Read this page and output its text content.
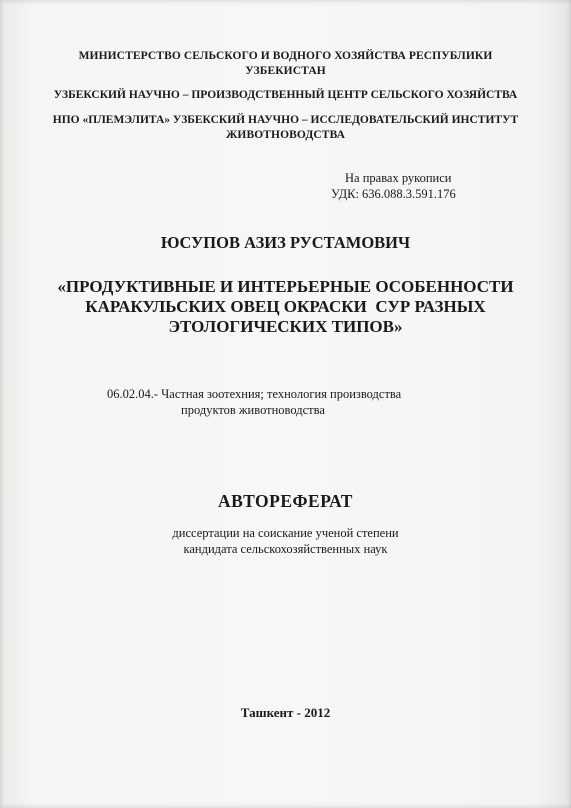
МИНИСТЕРСТВО СЕЛЬСКОГО И ВОДНОГО ХОЗЯЙСТВА РЕСПУБЛИКИ
УЗБЕКИСТАН
УЗБЕКСКИЙ НАУЧНО – ПРОИЗВОДСТВЕННЫЙ ЦЕНТР СЕЛЬСКОГО ХОЗЯЙСТВА
НПО «ПЛЕМЭЛИТА» УЗБЕКСКИЙ НАУЧНО – ИССЛЕДОВАТЕЛЬСКИЙ ИНСТИТУТ
ЖИВОТНОВОДСТВА
На правах рукописи
УДК: 636.088.3.591.176
ЮСУПОВ АЗИЗ РУСТАМОВИЧ
«ПРОДУКТИВНЫЕ И ИНТЕРЬЕРНЫЕ ОСОБЕННОСТИ
КАРАКУЛЬСКИХ ОВЕЦ ОКРАСКИ  СУР РАЗНЫХ
ЭТОЛОГИЧЕСКИХ ТИПОВ»
06.02.04.- Частная зоотехния; технология производства
продуктов животноводства
АВТОРЕФЕРАТ
диссертации на соискание ученой степени
кандидата сельскохозяйственных наук
Ташкент - 2012
